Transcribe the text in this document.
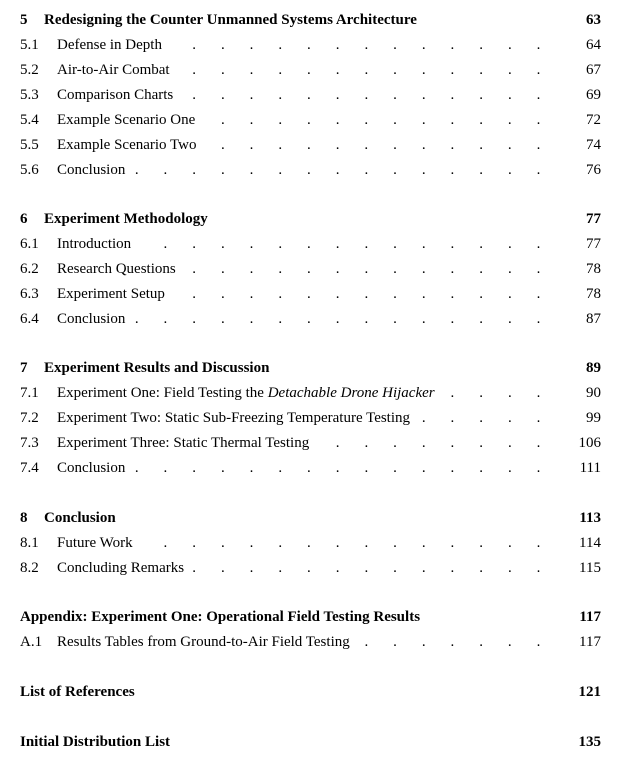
5 Redesigning the Counter Unmanned Systems Architecture	63
5.1 Defense in Depth . . . . . . . . . . . . . 64
5.2 Air-to-Air Combat . . . . . . . . . . . . . 67
5.3 Comparison Charts . . . . . . . . . . . . . 69
5.4 Example Scenario One . . . . . . . . . . . . 72
5.5 Example Scenario Two . . . . . . . . . . . . 74
5.6 Conclusion . . . . . . . . . . . . . . . 76
6 Experiment Methodology	77
6.1 Introduction . . . . . . . . . . . . . . 77
6.2 Research Questions . . . . . . . . . . . . . 78
6.3 Experiment Setup . . . . . . . . . . . . . 78
6.4 Conclusion . . . . . . . . . . . . . . . 87
7 Experiment Results and Discussion	89
7.1 Experiment One: Field Testing the Detachable Drone Hijacker . . . . 90
7.2 Experiment Two: Static Sub-Freezing Temperature Testing . . . . . 99
7.3 Experiment Three: Static Thermal Testing . . . . . . . . 106
7.4 Conclusion . . . . . . . . . . . . . . . 111
8 Conclusion	113
8.1 Future Work . . . . . . . . . . . . . . 114
8.2 Concluding Remarks . . . . . . . . . . . . . 115
Appendix: Experiment One: Operational Field Testing Results	117
A.1 Results Tables from Ground-to-Air Field Testing . . . . . . . 117
List of References	121
Initial Distribution List	135
